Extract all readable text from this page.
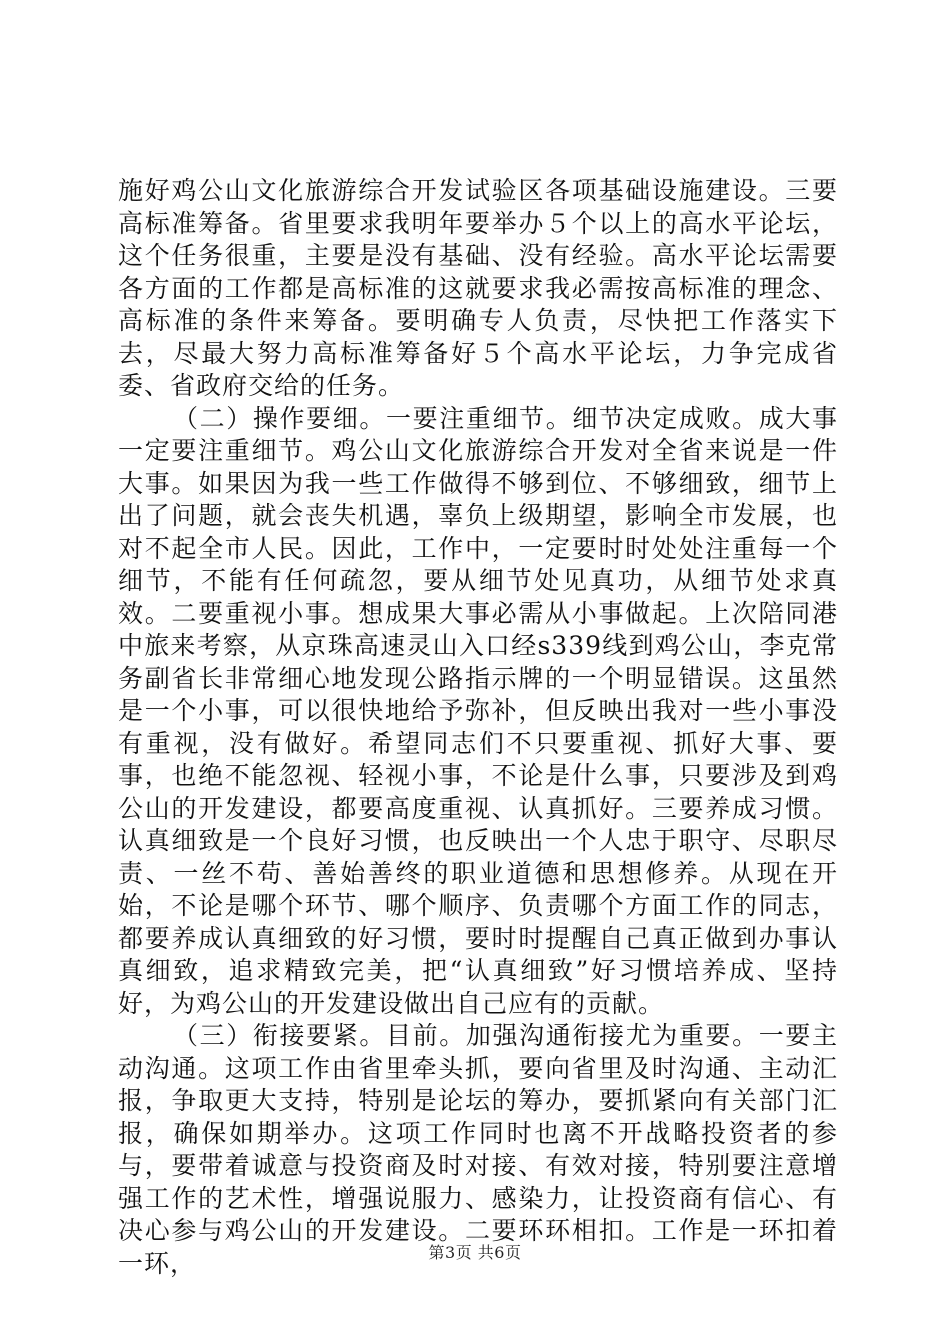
施好鸡公山文化旅游综合开发试验区各项基础设施建设。三要高标准筹备。省里要求我明年要举办５个以上的高水平论坛，这个任务很重，主要是没有基础、没有经验。高水平论坛需要各方面的工作都是高标准的这就要求我必需按高标准的理念、高标准的条件来筹备。要明确专人负责，尽快把工作落实下去，尽最大努力高标准筹备好５个高水平论坛，力争完成省委、省政府交给的任务。

（二）操作要细。一要注重细节。细节决定成败。成大事一定要注重细节。鸡公山文化旅游综合开发对全省来说是一件大事。如果因为我一些工作做得不够到位、不够细致，细节上出了问题，就会丧失机遇，辜负上级期望，影响全市发展，也对不起全市人民。因此，工作中，一定要时时处处注重每一个细节，不能有任何疏忽，要从细节处见真功，从细节处求真效。二要重视小事。想成果大事必需从小事做起。上次陪同港中旅来考察，从京珠高速灵山入口经s339线到鸡公山，李克常务副省长非常细心地发现公路指示牌的一个明显错误。这虽然是一个小事，可以很快地给予弥补，但反映出我对一些小事没有重视，没有做好。希望同志们不只要重视、抓好大事、要事，也绝不能忽视、轻视小事，不论是什么事，只要涉及到鸡公山的开发建设，都要高度重视、认真抓好。三要养成习惯。认真细致是一个良好习惯，也反映出一个人忠于职守、尽职尽责、一丝不苟、善始善终的职业道德和思想修养。从现在开始，不论是哪个环节、哪个顺序、负责哪个方面工作的同志，都要养成认真细致的好习惯，要时时提醒自己真正做到办事认真细致，追求精致完美，把“认真细致”好习惯培养成、坚持好，为鸡公山的开发建设做出自己应有的贡献。

（三）衔接要紧。目前。加强沟通衔接尤为重要。一要主动沟通。这项工作由省里牵头抓，要向省里及时沟通、主动汇报，争取更大支持，特别是论坛的筹办，要抓紧向有关部门汇报，确保如期举办。这项工作同时也离不开战略投资者的参与，要带着诚意与投资商及时对接、有效对接，特别要注意增强工作的艺术性，增强说服力、感染力，让投资商有信心、有决心参与鸡公山的开发建设。二要环环相扣。工作是一环扣着一环，	第3页 共6页
